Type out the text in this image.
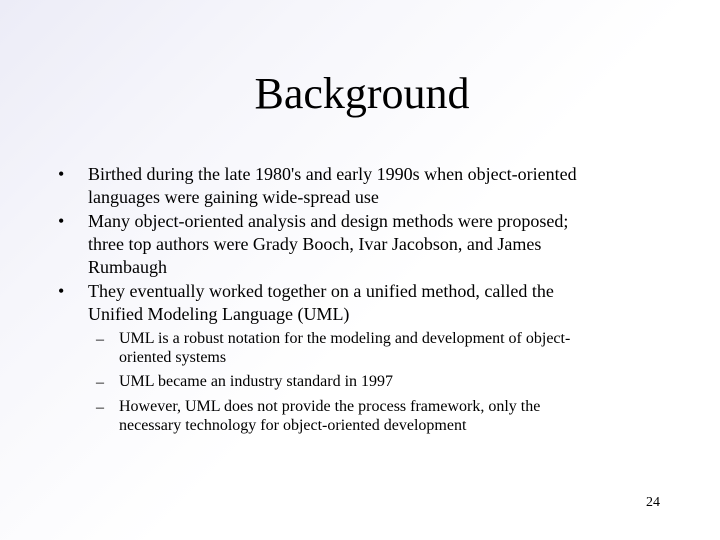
Background
• Birthed during the late 1980's and early 1990s when object-oriented
languages were gaining wide-spread use
• Many object-oriented analysis and design methods were proposed;
three top authors were Grady Booch, Ivar Jacobson, and James
Rumbaugh
• They eventually worked together on a unified method, called the
Unified Modeling Language (UML)
– UML is a robust notation for the modeling and development of object-
oriented systems
– UML became an industry standard in 1997
– However, UML does not provide the process framework, only the
necessary technology for object-oriented development
24
